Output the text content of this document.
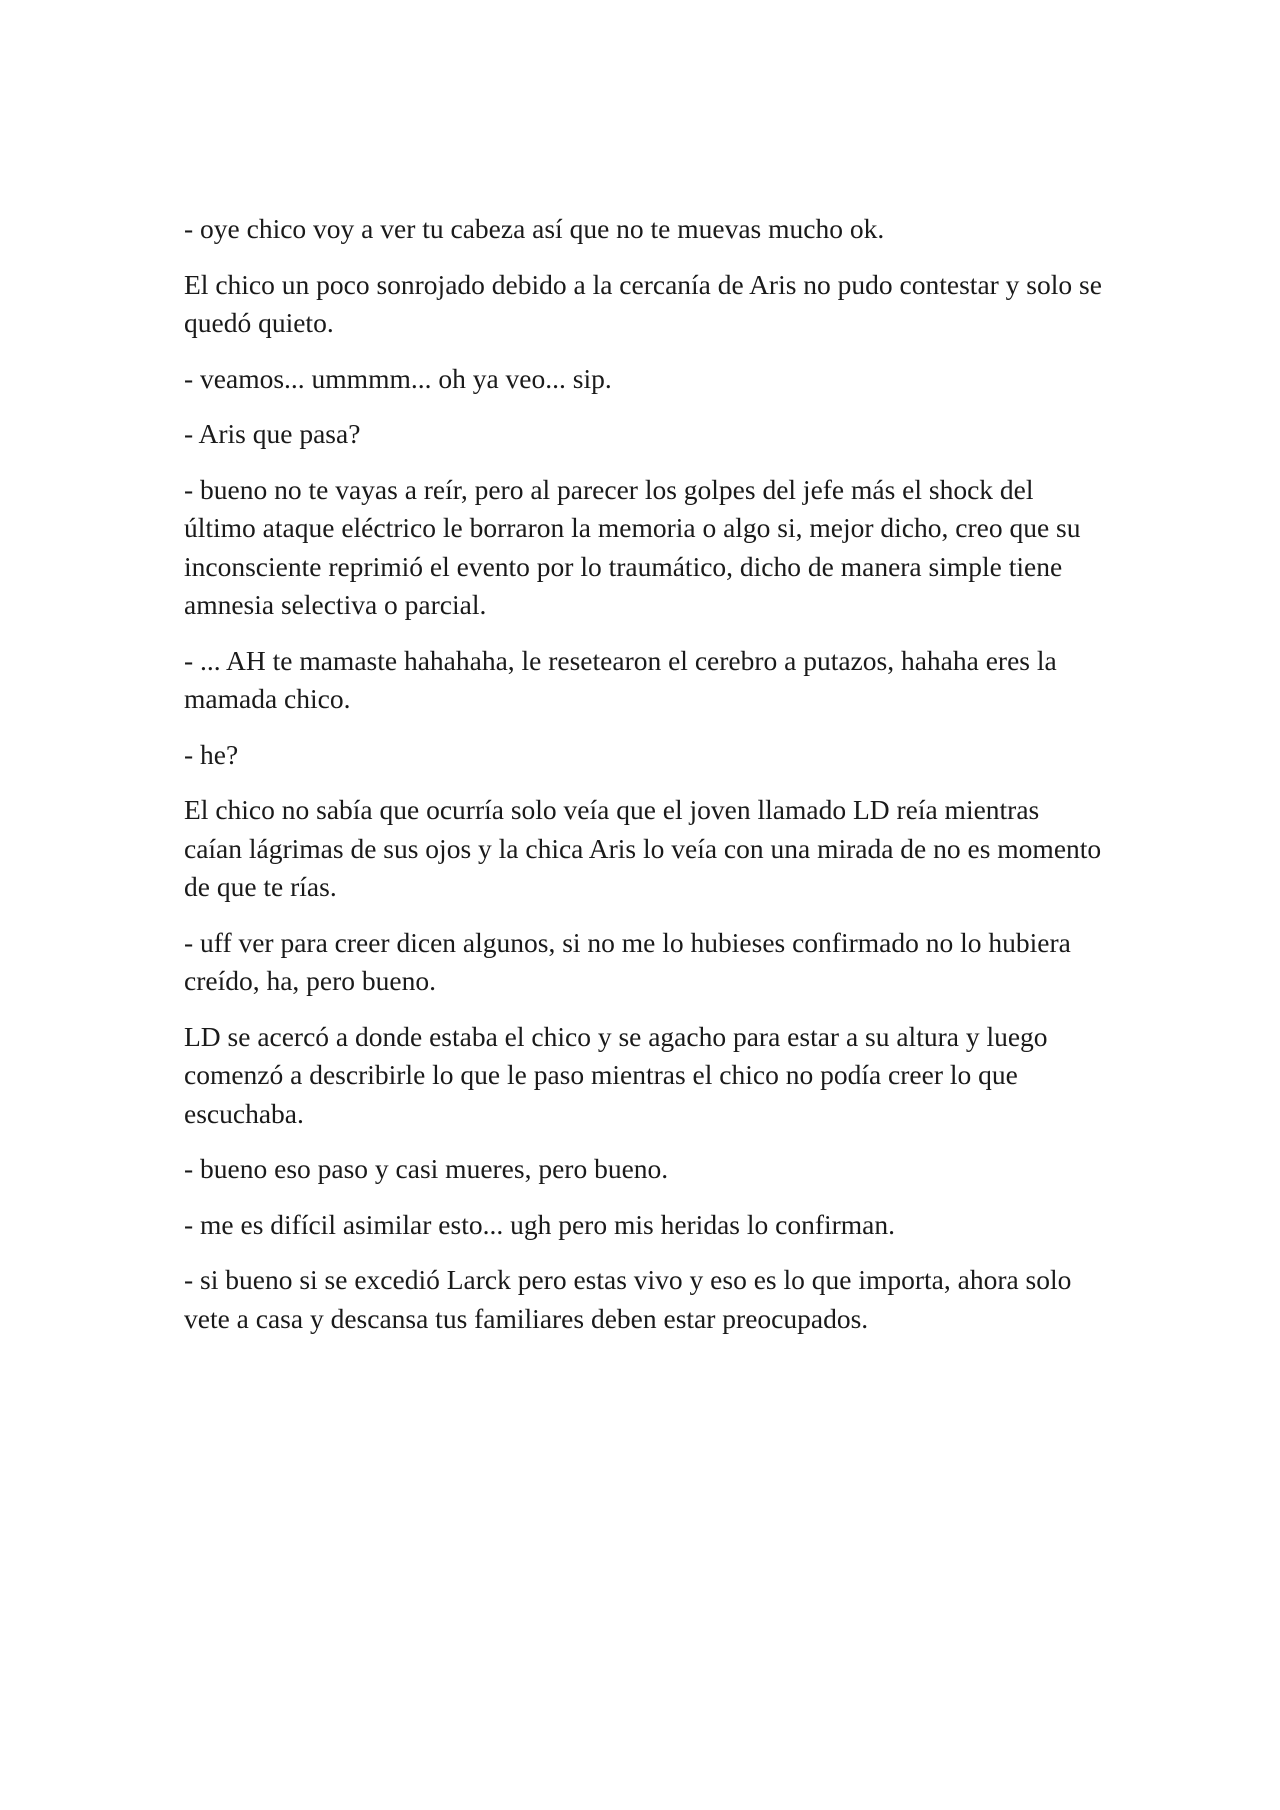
- oye chico voy a ver tu cabeza así que no te muevas mucho ok.

El chico un poco sonrojado debido a la cercanía de Aris no pudo contestar y solo se quedó quieto.

- veamos... ummmm... oh ya veo... sip.

- Aris que pasa?

- bueno no te vayas a reír, pero al parecer los golpes del jefe más el shock del último ataque eléctrico le borraron la memoria o algo si, mejor dicho, creo que su inconsciente reprimió el evento por lo traumático, dicho de manera simple tiene amnesia selectiva o parcial.

- ... AH te mamaste hahahaha, le resetearon el cerebro a putazos, hahaha eres la mamada chico.

- he?

El chico no sabía que ocurría solo veía que el joven llamado LD reía mientras caían lágrimas de sus ojos y la chica Aris lo veía con una mirada de no es momento de que te rías.

- uff ver para creer dicen algunos, si no me lo hubieses confirmado no lo hubiera creído, ha, pero bueno.

LD se acercó a donde estaba el chico y se agacho para estar a su altura y luego comenzó a describirle lo que le paso mientras el chico no podía creer lo que escuchaba.

- bueno eso paso y casi mueres, pero bueno.

- me es difícil asimilar esto... ugh pero mis heridas lo confirman.

- si bueno si se excedió Larck pero estas vivo y eso es lo que importa, ahora solo vete a casa y descansa tus familiares deben estar preocupados.
